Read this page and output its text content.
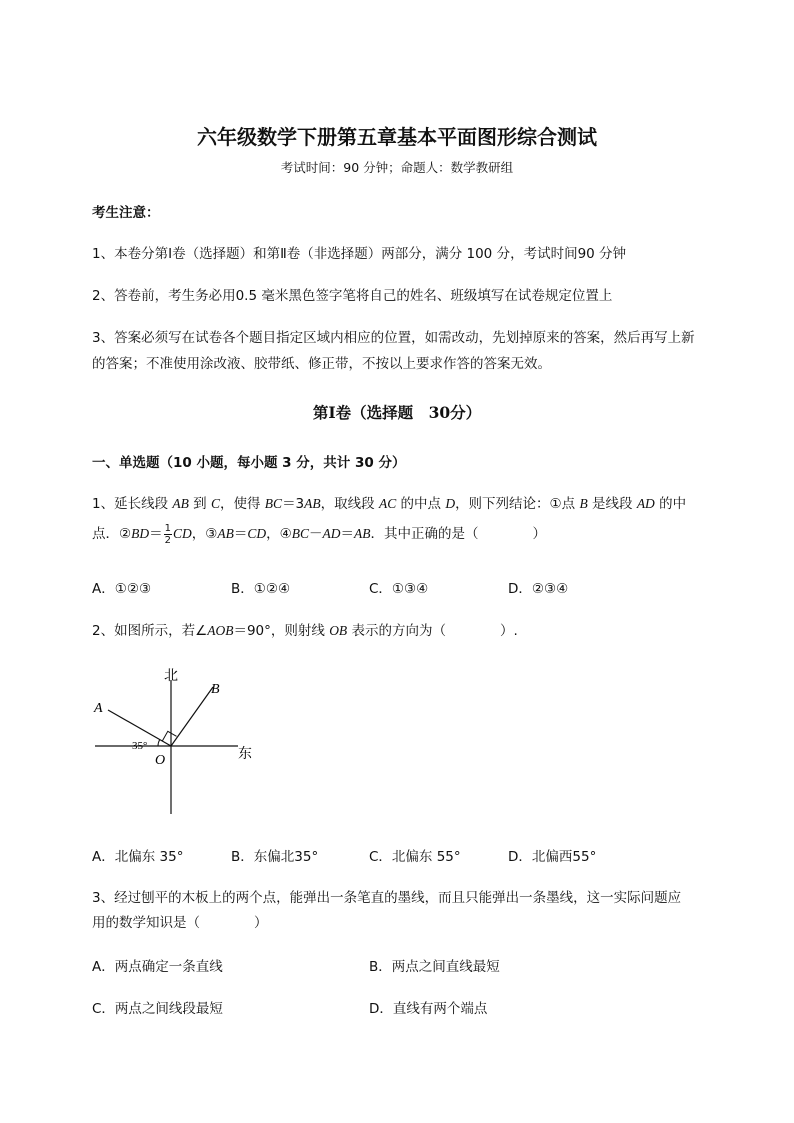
六年级数学下册第五章基本平面图形综合测试
考试时间：90 分钟；命题人：数学教研组
考生注意：
1、本卷分第Ⅰ卷（选择题）和第Ⅱ卷（非选择题）两部分，满分 100 分，考试时间90 分钟
2、答卷前，考生务必用0.5 毫米黑色签字笔将自己的姓名、班级填写在试卷规定位置上
3、答案必须写在试卷各个题目指定区域内相应的位置，如需改动，先划掉原来的答案，然后再写上新
的答案；不准使用涂改液、胶带纸、修正带，不按以上要求作答的答案无效。
第Ⅰ卷（选择题　30分）
一、单选题（10 小题，每小题 3 分，共计 30 分）
1、延长线段 AB 到 C，使得 BC＝3AB，取线段 AC 的中点 D，则下列结论：①点 B 是线段 AD 的中
点．②BD＝ $\frac{1}{2}$ CD，③AB＝CD，④BC－AD＝AB．其中正确的是（　　　　）
A．①②③	B．①②④	C．①③④	D．②③④
2、如图所示，若∠AOB＝90°，则射线 OB 表示的方向为（　　　　）.
北
东
A
B
O
35°
A．北偏东 35°	B．东偏北35°	C．北偏东 55°	D．北偏西55°
3、经过刨平的木板上的两个点，能弹出一条笔直的墨线，而且只能弹出一条墨线，这一实际问题应
用的数学知识是（　　　　）
A．两点确定一条直线	B．两点之间直线最短
C．两点之间线段最短	D．直线有两个端点
